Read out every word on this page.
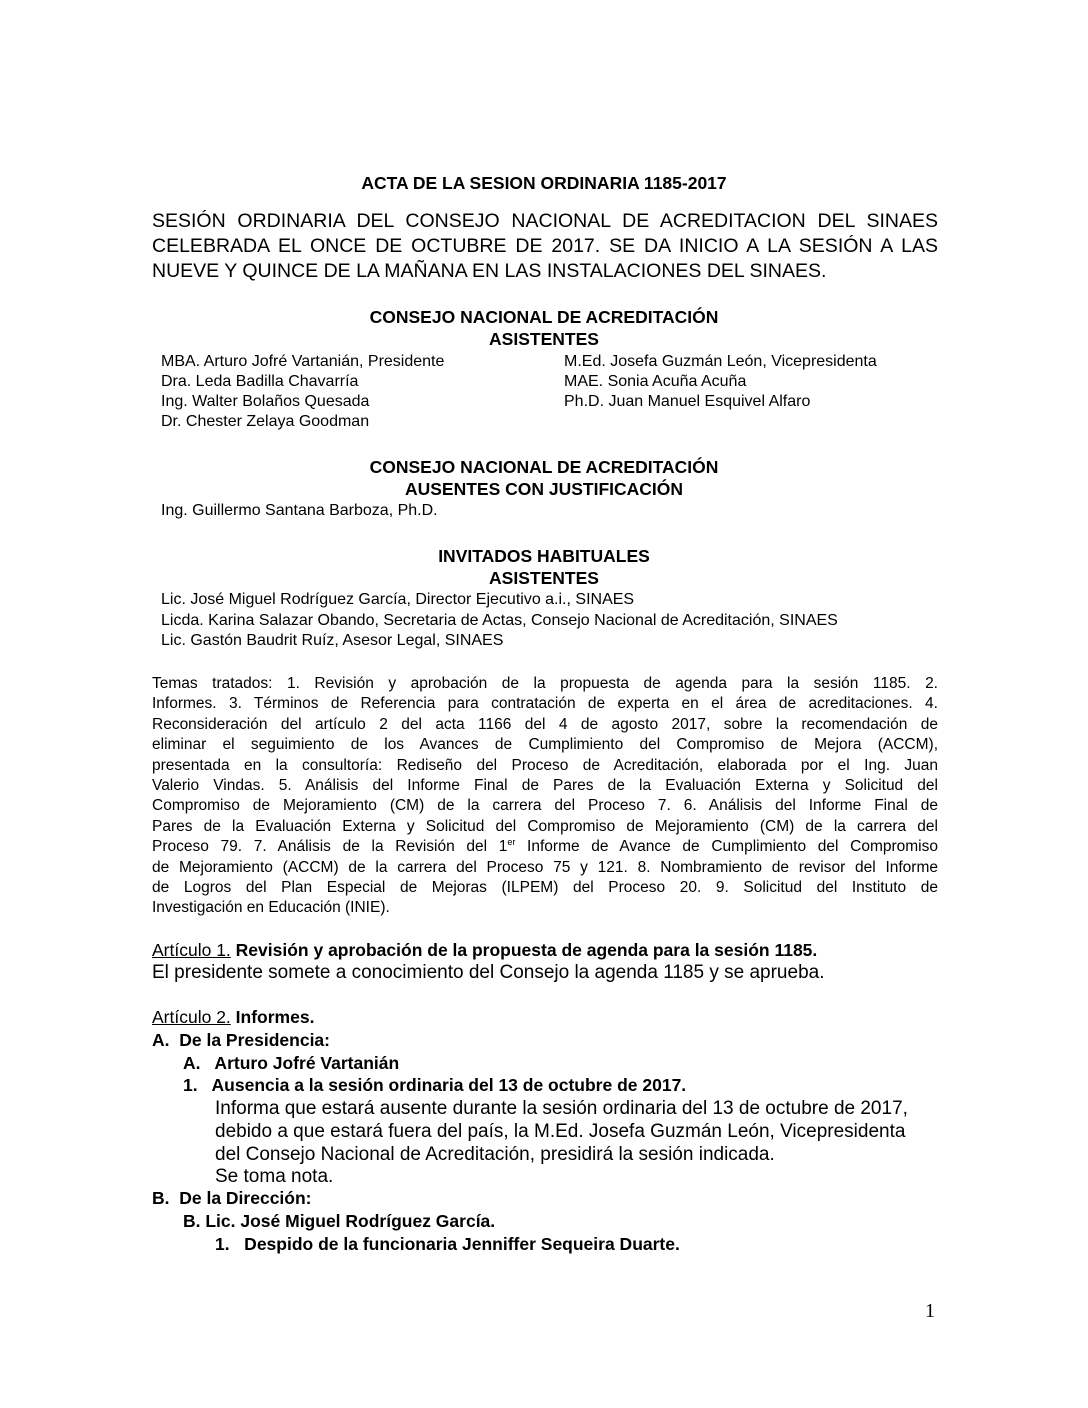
ACTA DE LA SESION ORDINARIA 1185-2017
SESIÓN ORDINARIA DEL CONSEJO NACIONAL DE ACREDITACION DEL SINAES
CELEBRADA EL ONCE DE OCTUBRE DE 2017. SE DA INICIO A LA SESIÓN A LAS
NUEVE Y QUINCE DE LA MAÑANA EN LAS INSTALACIONES DEL SINAES.
CONSEJO NACIONAL DE ACREDITACIÓN
ASISTENTES
MBA. Arturo Jofré Vartanián, Presidente
Dra. Leda Badilla Chavarría
Ing. Walter Bolaños Quesada
Dr. Chester Zelaya Goodman
M.Ed. Josefa Guzmán León, Vicepresidenta
MAE. Sonia Acuña Acuña
Ph.D. Juan Manuel Esquivel Alfaro
CONSEJO NACIONAL DE ACREDITACIÓN
AUSENTES CON JUSTIFICACIÓN
Ing. Guillermo Santana Barboza, Ph.D.
INVITADOS HABITUALES
ASISTENTES
Lic. José Miguel Rodríguez García, Director Ejecutivo a.i., SINAES
Licda. Karina Salazar Obando, Secretaria de Actas, Consejo Nacional de Acreditación, SINAES
Lic. Gastón Baudrit Ruíz, Asesor Legal, SINAES
Temas tratados: 1. Revisión y aprobación de la propuesta de agenda para la sesión 1185. 2.
Informes. 3. Términos de Referencia para contratación de experta en el área de acreditaciones. 4.
Reconsideración del artículo 2 del acta 1166 del 4 de agosto 2017, sobre la recomendación de
eliminar el seguimiento de los Avances de Cumplimiento del Compromiso de Mejora (ACCM),
presentada en la consultoría: Rediseño del Proceso de Acreditación, elaborada por el Ing. Juan
Valerio Vindas. 5. Análisis del Informe Final de Pares de la Evaluación Externa y Solicitud del
Compromiso de Mejoramiento (CM) de la carrera del Proceso 7. 6. Análisis del Informe Final de
Pares de la Evaluación Externa y Solicitud del Compromiso de Mejoramiento (CM) de la carrera del
Proceso 79. 7. Análisis de la Revisión del 1er Informe de Avance de Cumplimiento del Compromiso
de Mejoramiento (ACCM) de la carrera del Proceso 75 y 121. 8. Nombramiento de revisor del Informe
de Logros del Plan Especial de Mejoras (ILPEM) del Proceso 20. 9. Solicitud del Instituto de
Investigación en Educación (INIE).
Artículo 1. Revisión y aprobación de la propuesta de agenda para la sesión 1185.
El presidente somete a conocimiento del Consejo la agenda 1185 y se aprueba.
Artículo 2. Informes.
A.  De la Presidencia:
A.   Arturo Jofré Vartanián
1.   Ausencia a la sesión ordinaria del 13 de octubre de 2017.
Informa que estará ausente durante la sesión ordinaria del 13 de octubre de 2017,
debido a que estará fuera del país, la M.Ed. Josefa Guzmán León, Vicepresidenta
del Consejo Nacional de Acreditación, presidirá la sesión indicada.
Se toma nota.
B.  De la Dirección:
B. Lic. José Miguel Rodríguez García.
1.   Despido de la funcionaria Jenniffer Sequeira Duarte.
1
